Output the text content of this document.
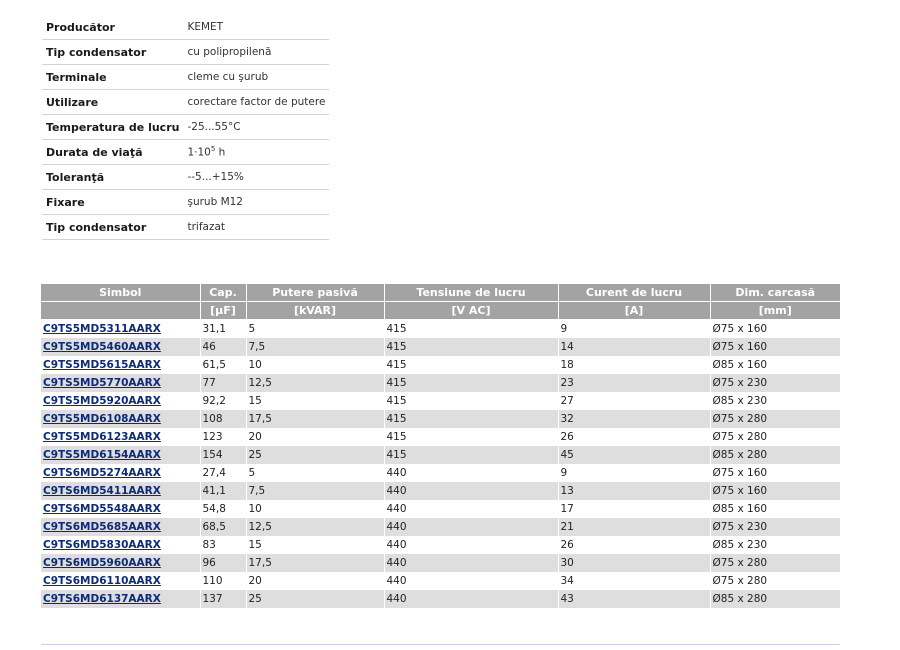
Producător	KEMET
Tip condensator	cu polipropilenă
Terminale	cleme cu şurub
Utilizare	corectare factor de putere
Temperatura de lucru	-25...55°C
Durata de viaţă	$1\cdot 10^5$ h
Toleranţă	--5...+15%
Fixare	şurub M12
Tip condensator	trifazat
Simbol	Cap.	Putere pasivă	Tensiune de lucru	Curent de lucru	Dim. carcasă
	[µF]	[kVAR]	[V AC]	[A]	[mm]
C9TS5MD5311AARX	31,1	5	415	9	Ø75 x 160
C9TS5MD5460AARX	46	7,5	415	14	Ø75 x 160
C9TS5MD5615AARX	61,5	10	415	18	Ø85 x 160
C9TS5MD5770AARX	77	12,5	415	23	Ø75 x 230
C9TS5MD5920AARX	92,2	15	415	27	Ø85 x 230
C9TS5MD6108AARX	108	17,5	415	32	Ø75 x 280
C9TS5MD6123AARX	123	20	415	26	Ø75 x 280
C9TS5MD6154AARX	154	25	415	45	Ø85 x 280
C9TS6MD5274AARX	27,4	5	440	9	Ø75 x 160
C9TS6MD5411AARX	41,1	7,5	440	13	Ø75 x 160
C9TS6MD5548AARX	54,8	10	440	17	Ø85 x 160
C9TS6MD5685AARX	68,5	12,5	440	21	Ø75 x 230
C9TS6MD5830AARX	83	15	440	26	Ø85 x 230
C9TS6MD5960AARX	96	17,5	440	30	Ø75 x 280
C9TS6MD6110AARX	110	20	440	34	Ø75 x 280
C9TS6MD6137AARX	137	25	440	43	Ø85 x 280
